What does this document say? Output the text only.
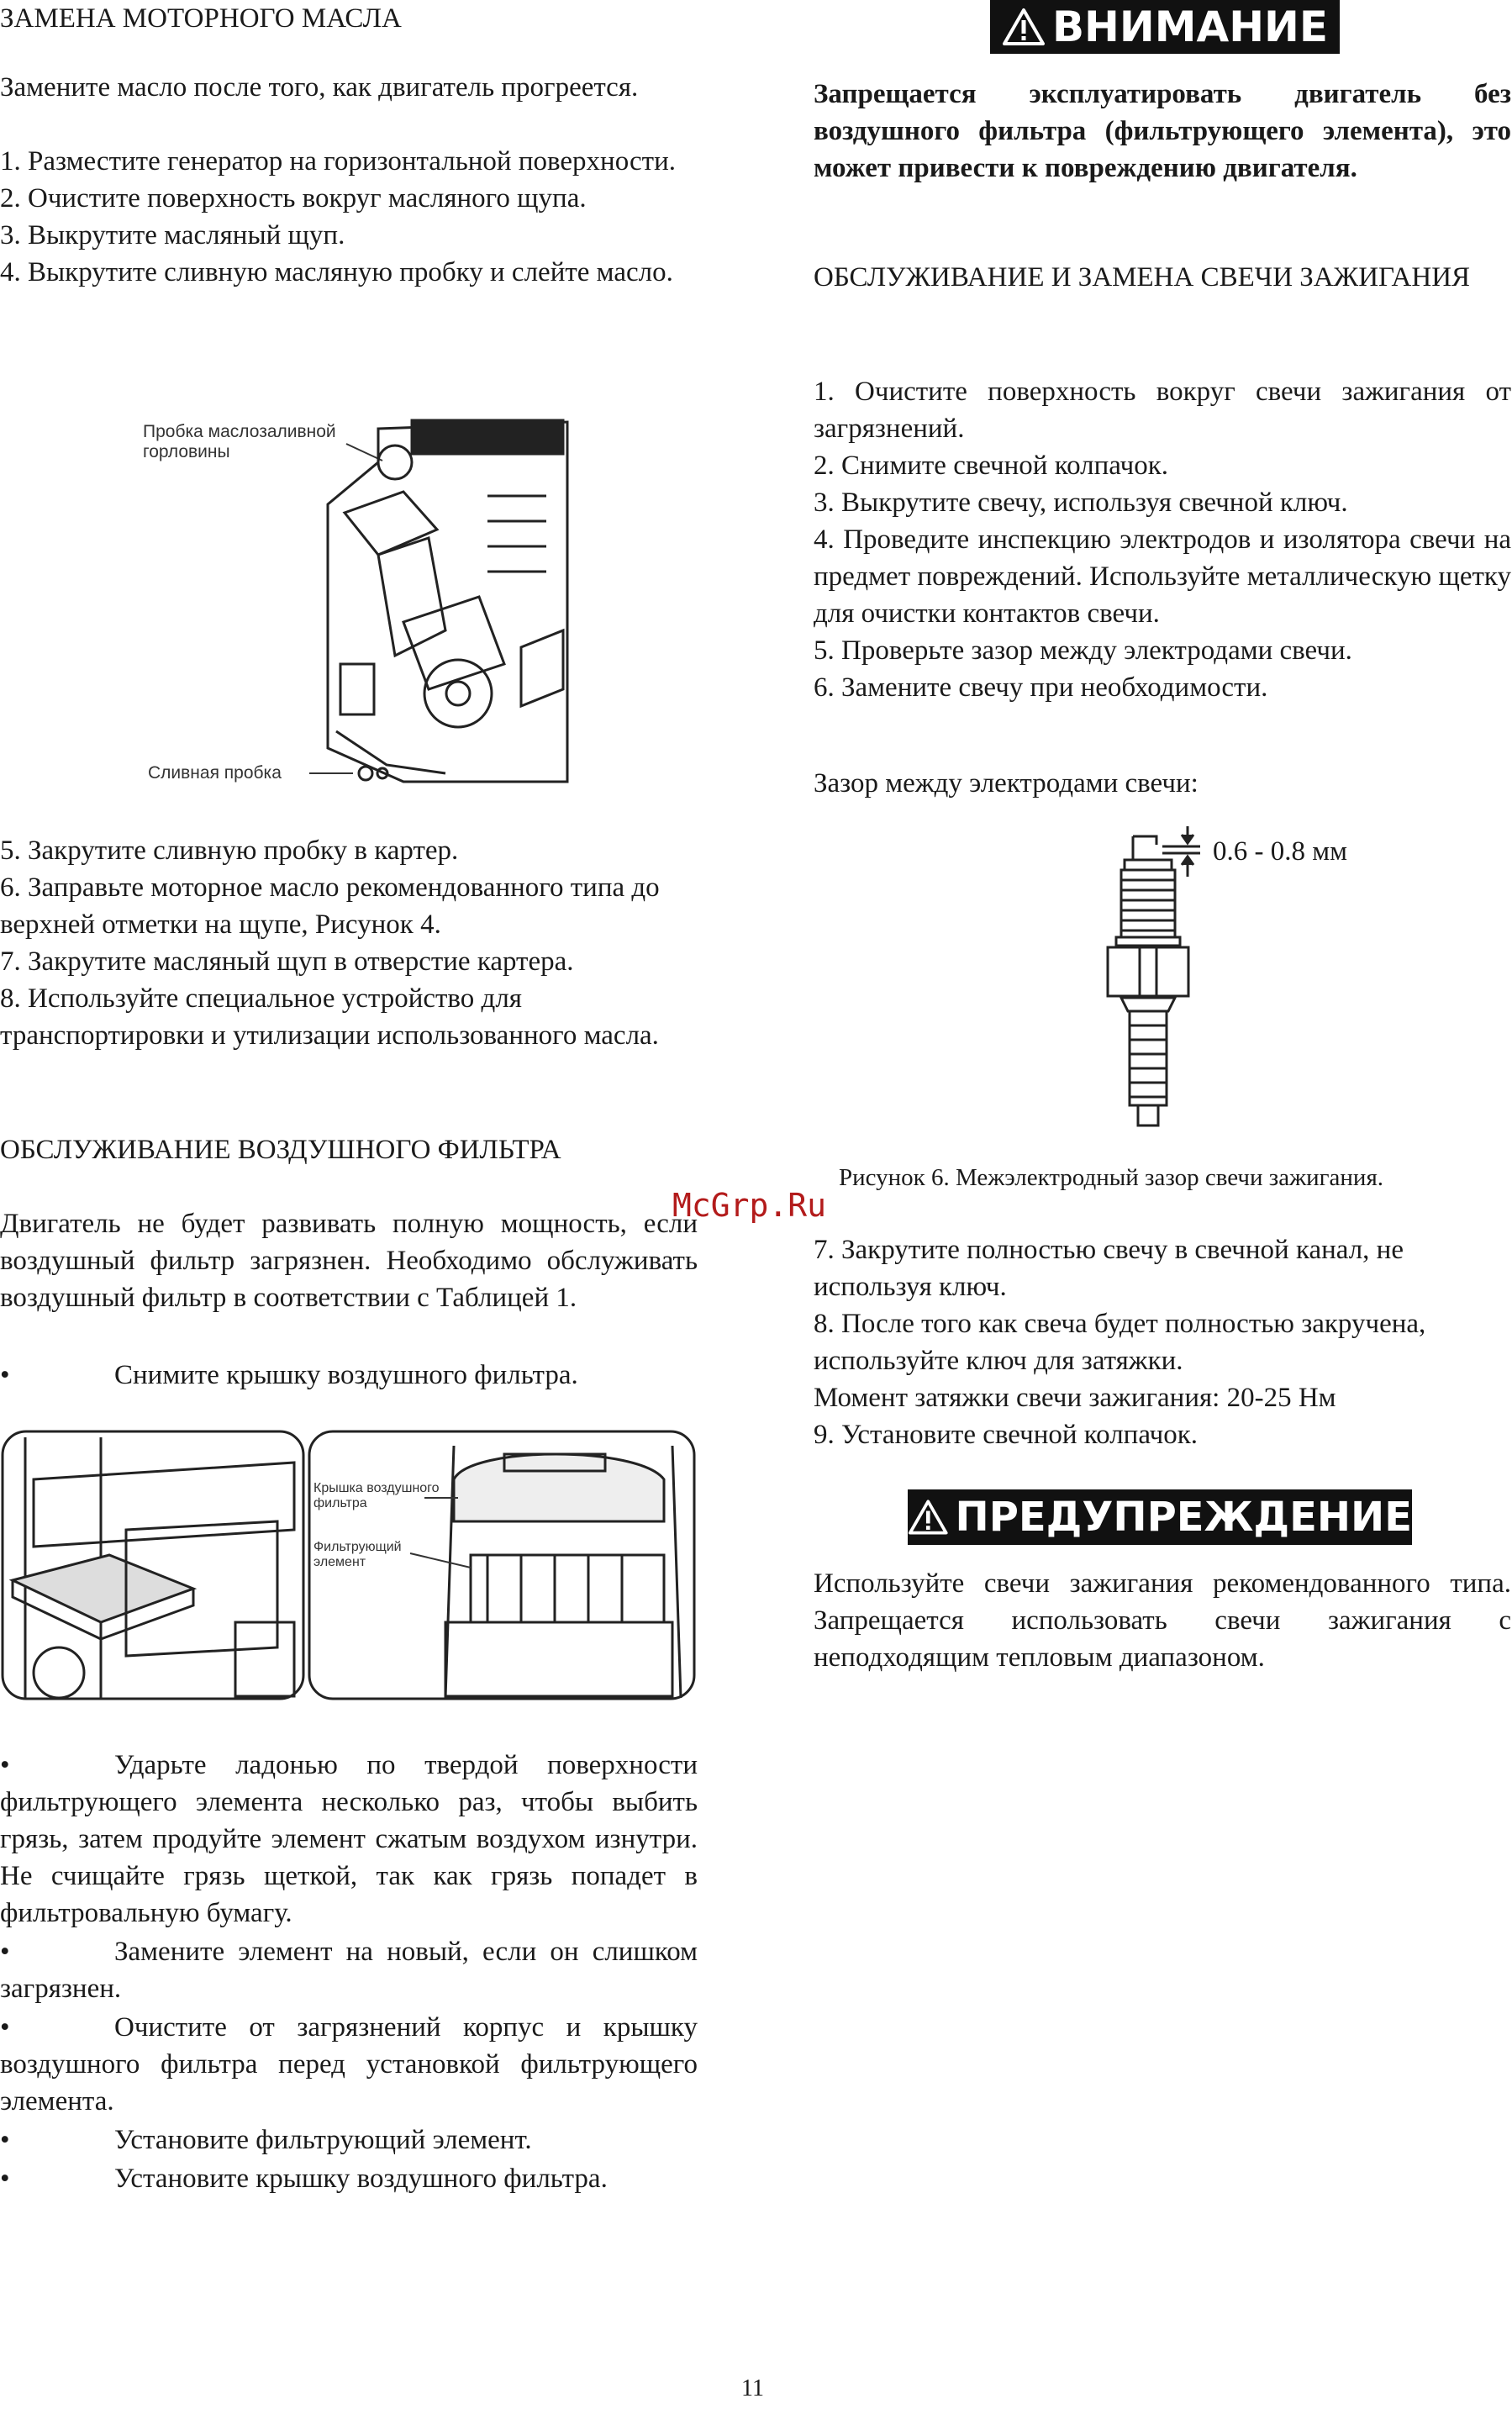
ЗАМЕНА МОТОРНОГО МАСЛА

Замените масло после того, как двигатель прогреется.

1. Разместите генератор на горизонтальной поверхности.

2. Очистите поверхность вокруг масляного щупа.

3. Выкрутите масляный щуп.

4. Выкрутите сливную масляную пробку и слейте масло.

Пробка маслозаливной горловины
Сливная пробка

5. Закрутите сливную пробку в картер.

6. Заправьте моторное масло рекомендованного типа до верхней отметки на щупе, Рисунок 4.

7. Закрутите масляный щуп в отверстие картера.

8. Используйте специальное устройство для транспортировки и утилизации использованного масла.

ОБСЛУЖИВАНИЕ ВОЗДУШНОГО ФИЛЬТРА

Двигатель не будет развивать полную мощность, если воздушный фильтр загрязнен. Необходимо обслуживать воздушный фильтр в соответствии с Таблицей 1.

•	Снимите крышку воздушного фильтра.
Крышка воздушного фильтра
Фильтрующий элемент

•	Ударьте ладонью по твердой поверхности фильтрующего элемента несколько раз, чтобы выбить грязь, затем продуйте элемент сжатым воздухом изнутри. Не счищайте грязь щеткой, так как грязь попадет в фильтровальную бумагу.

•	Замените элемент на новый, если он слишком загрязнен.

•	Очистите от загрязнений корпус и крышку воздушного фильтра перед установкой фильтрующего элемента.

•	Установите фильтрующий элемент.

•	Установите крышку воздушного фильтра.

ВНИМАНИЕ

Запрещается эксплуатировать двигатель без воздушного фильтра (фильтрующего элемента), это может привести к повреждению двигателя.

ОБСЛУЖИВАНИЕ И ЗАМЕНА СВЕЧИ ЗАЖИГАНИЯ

1. Очистите поверхность вокруг свечи зажигания от загрязнений.

2. Снимите свечной колпачок.

3. Выкрутите свечу, используя свечной ключ.

4. Проведите инспекцию электродов и изолятора свечи на предмет повреждений. Используйте металлическую щетку для очистки контактов свечи.

5. Проверьте зазор между электродами свечи.

6. Замените свечу при необходимости.

Зазор между электродами свечи:

0.6 - 0.8 мм
Рисунок 6. Межэлектродный зазор свечи зажигания.

7. Закрутите полностью свечу в свечной канал, не используя ключ.

8. После того как свеча будет полностью закручена, используйте ключ для затяжки.

Момент затяжки свечи зажигания: 20-25 Нм

9. Установите свечной колпачок.

ПРЕДУПРЕЖДЕНИЕ

Используйте свечи зажигания рекомендованного типа. Запрещается использовать свечи зажигания с неподходящим тепловым диапазоном.

McGrp.Ru
11
